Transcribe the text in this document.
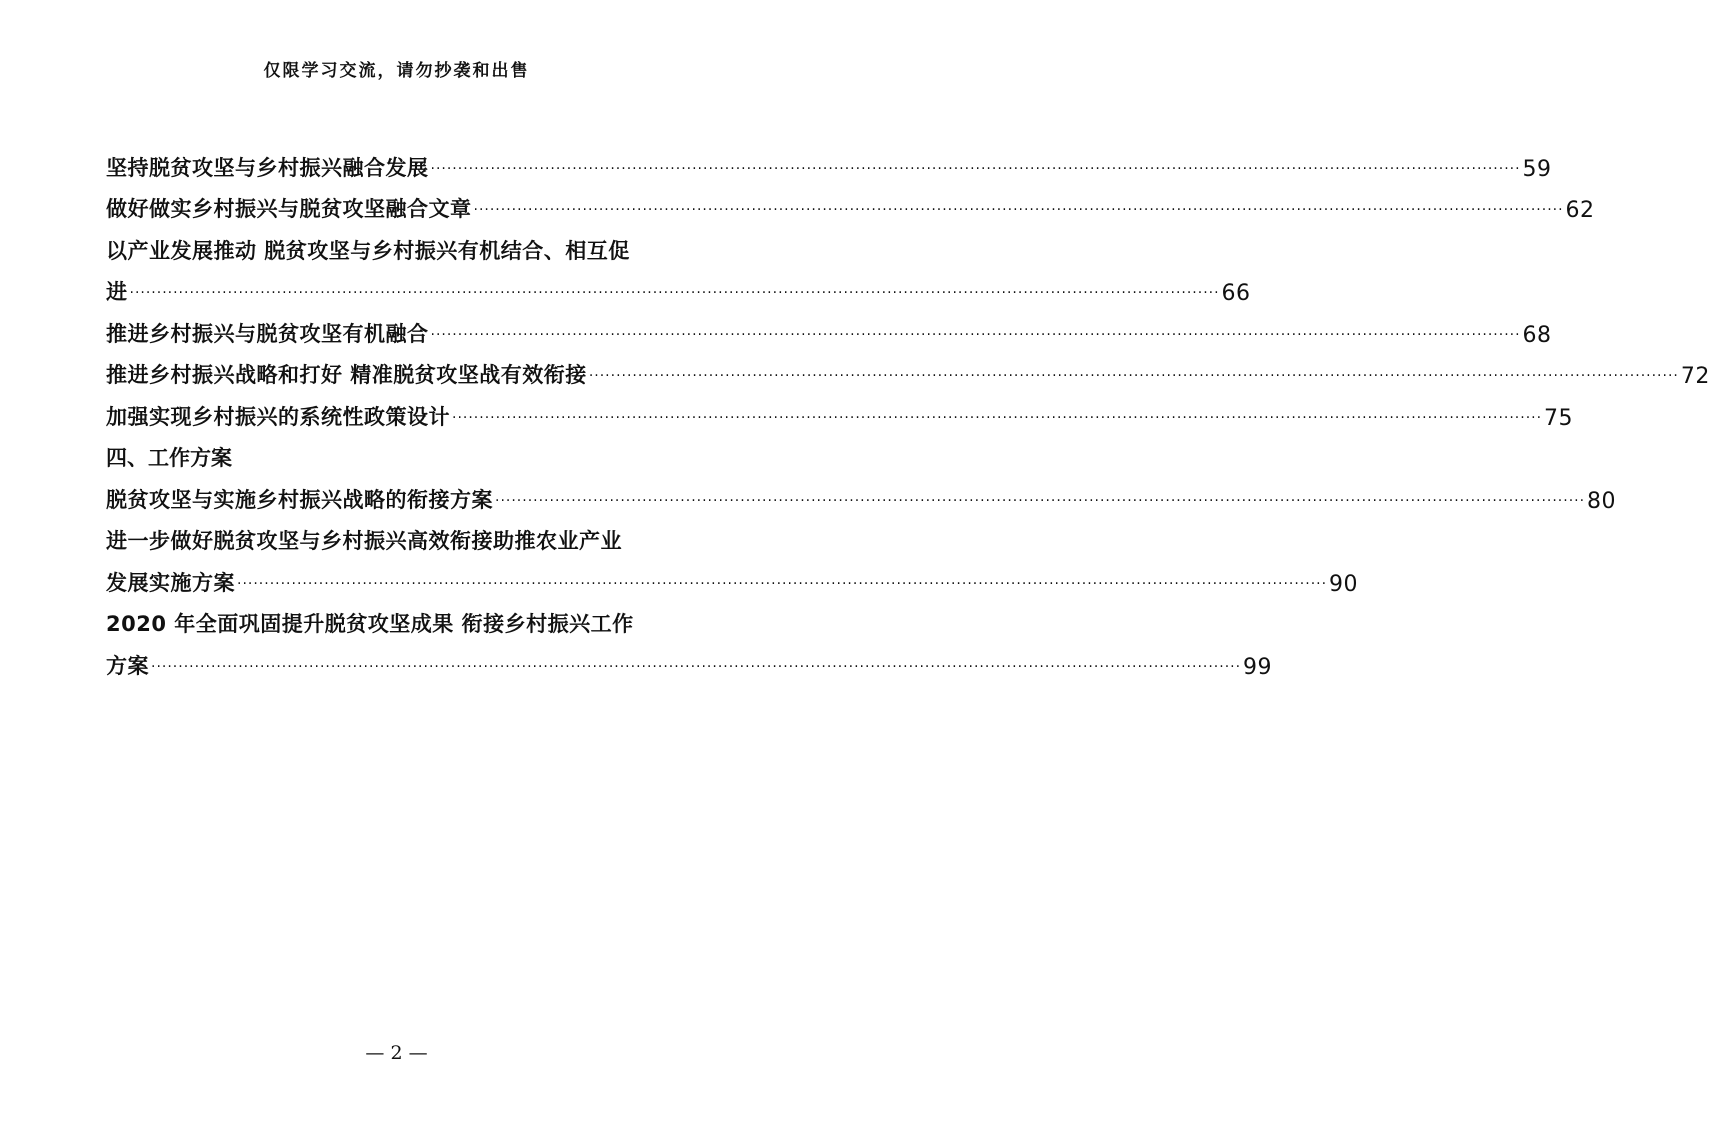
仅限学习交流，请勿抄袭和出售
坚持脱贫攻坚与乡村振兴融合发展 ········································································································································································································ 59
做好做实乡村振兴与脱贫攻坚融合文章 ········································································································································································································ 62
以产业发展推动 脱贫攻坚与乡村振兴有机结合、相互促
进 ········································································································································································································ 66
推进乡村振兴与脱贫攻坚有机融合 ········································································································································································································ 68
推进乡村振兴战略和打好 精准脱贫攻坚战有效衔接 ········································································································································································································ 72
加强实现乡村振兴的系统性政策设计 ········································································································································································································ 75
四、工作方案
脱贫攻坚与实施乡村振兴战略的衔接方案 ········································································································································································································ 80
进一步做好脱贫攻坚与乡村振兴高效衔接助推农业产业
发展实施方案 ········································································································································································································ 90
2020 年全面巩固提升脱贫攻坚成果 衔接乡村振兴工作
方案 ········································································································································································································ 99
— 2 —
